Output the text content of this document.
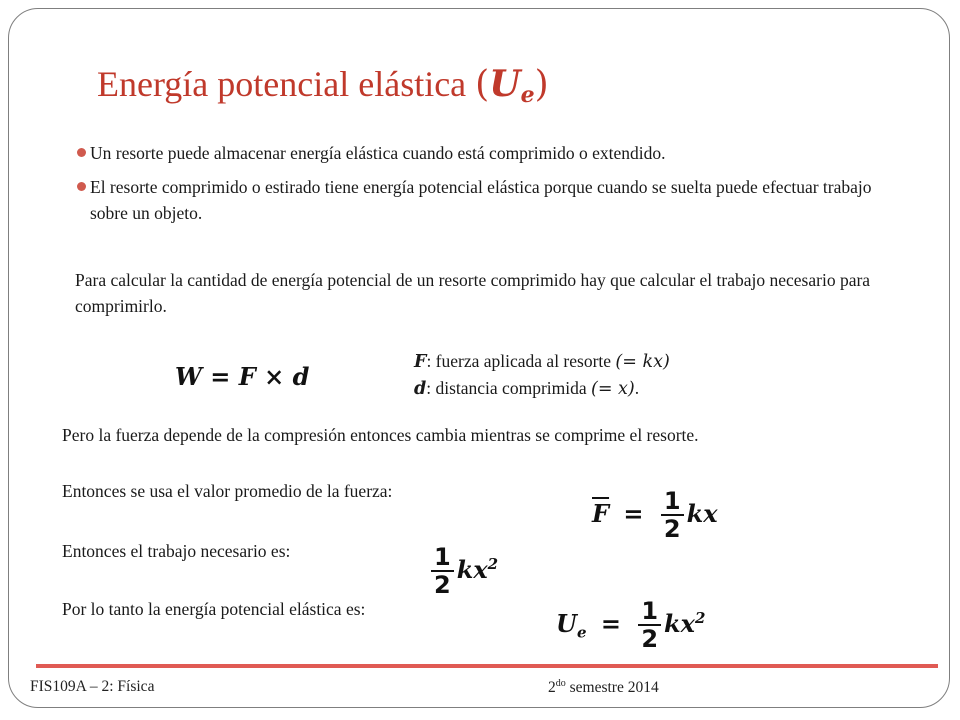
Energía potencial elástica $(U_e)$
Un resorte puede almacenar energía elástica cuando está comprimido o extendido.
El resorte comprimido o estirado tiene energía potencial elástica porque cuando se suelta puede efectuar trabajo sobre un objeto.
Para calcular la cantidad de energía potencial de un resorte comprimido hay que calcular el trabajo necesario para comprimirlo.
W = F × d	F: fuerza aplicada al resorte (= kx)
d: distancia comprimida (= x).
Pero la fuerza depende de la compresión entonces cambia mientras se comprime el resorte.
Entonces se usa el valor promedio de la fuerza:
Entonces el trabajo necesario es:
Por lo tanto la energía potencial elástica es:
$\overline{F} = \frac{1}{2}$ kx
$\frac{1}{2} kx^2$
$U_e = \frac{1}{2} kx^2$
FIS109A – 2: Física	$2^{do}$ semestre 2014
